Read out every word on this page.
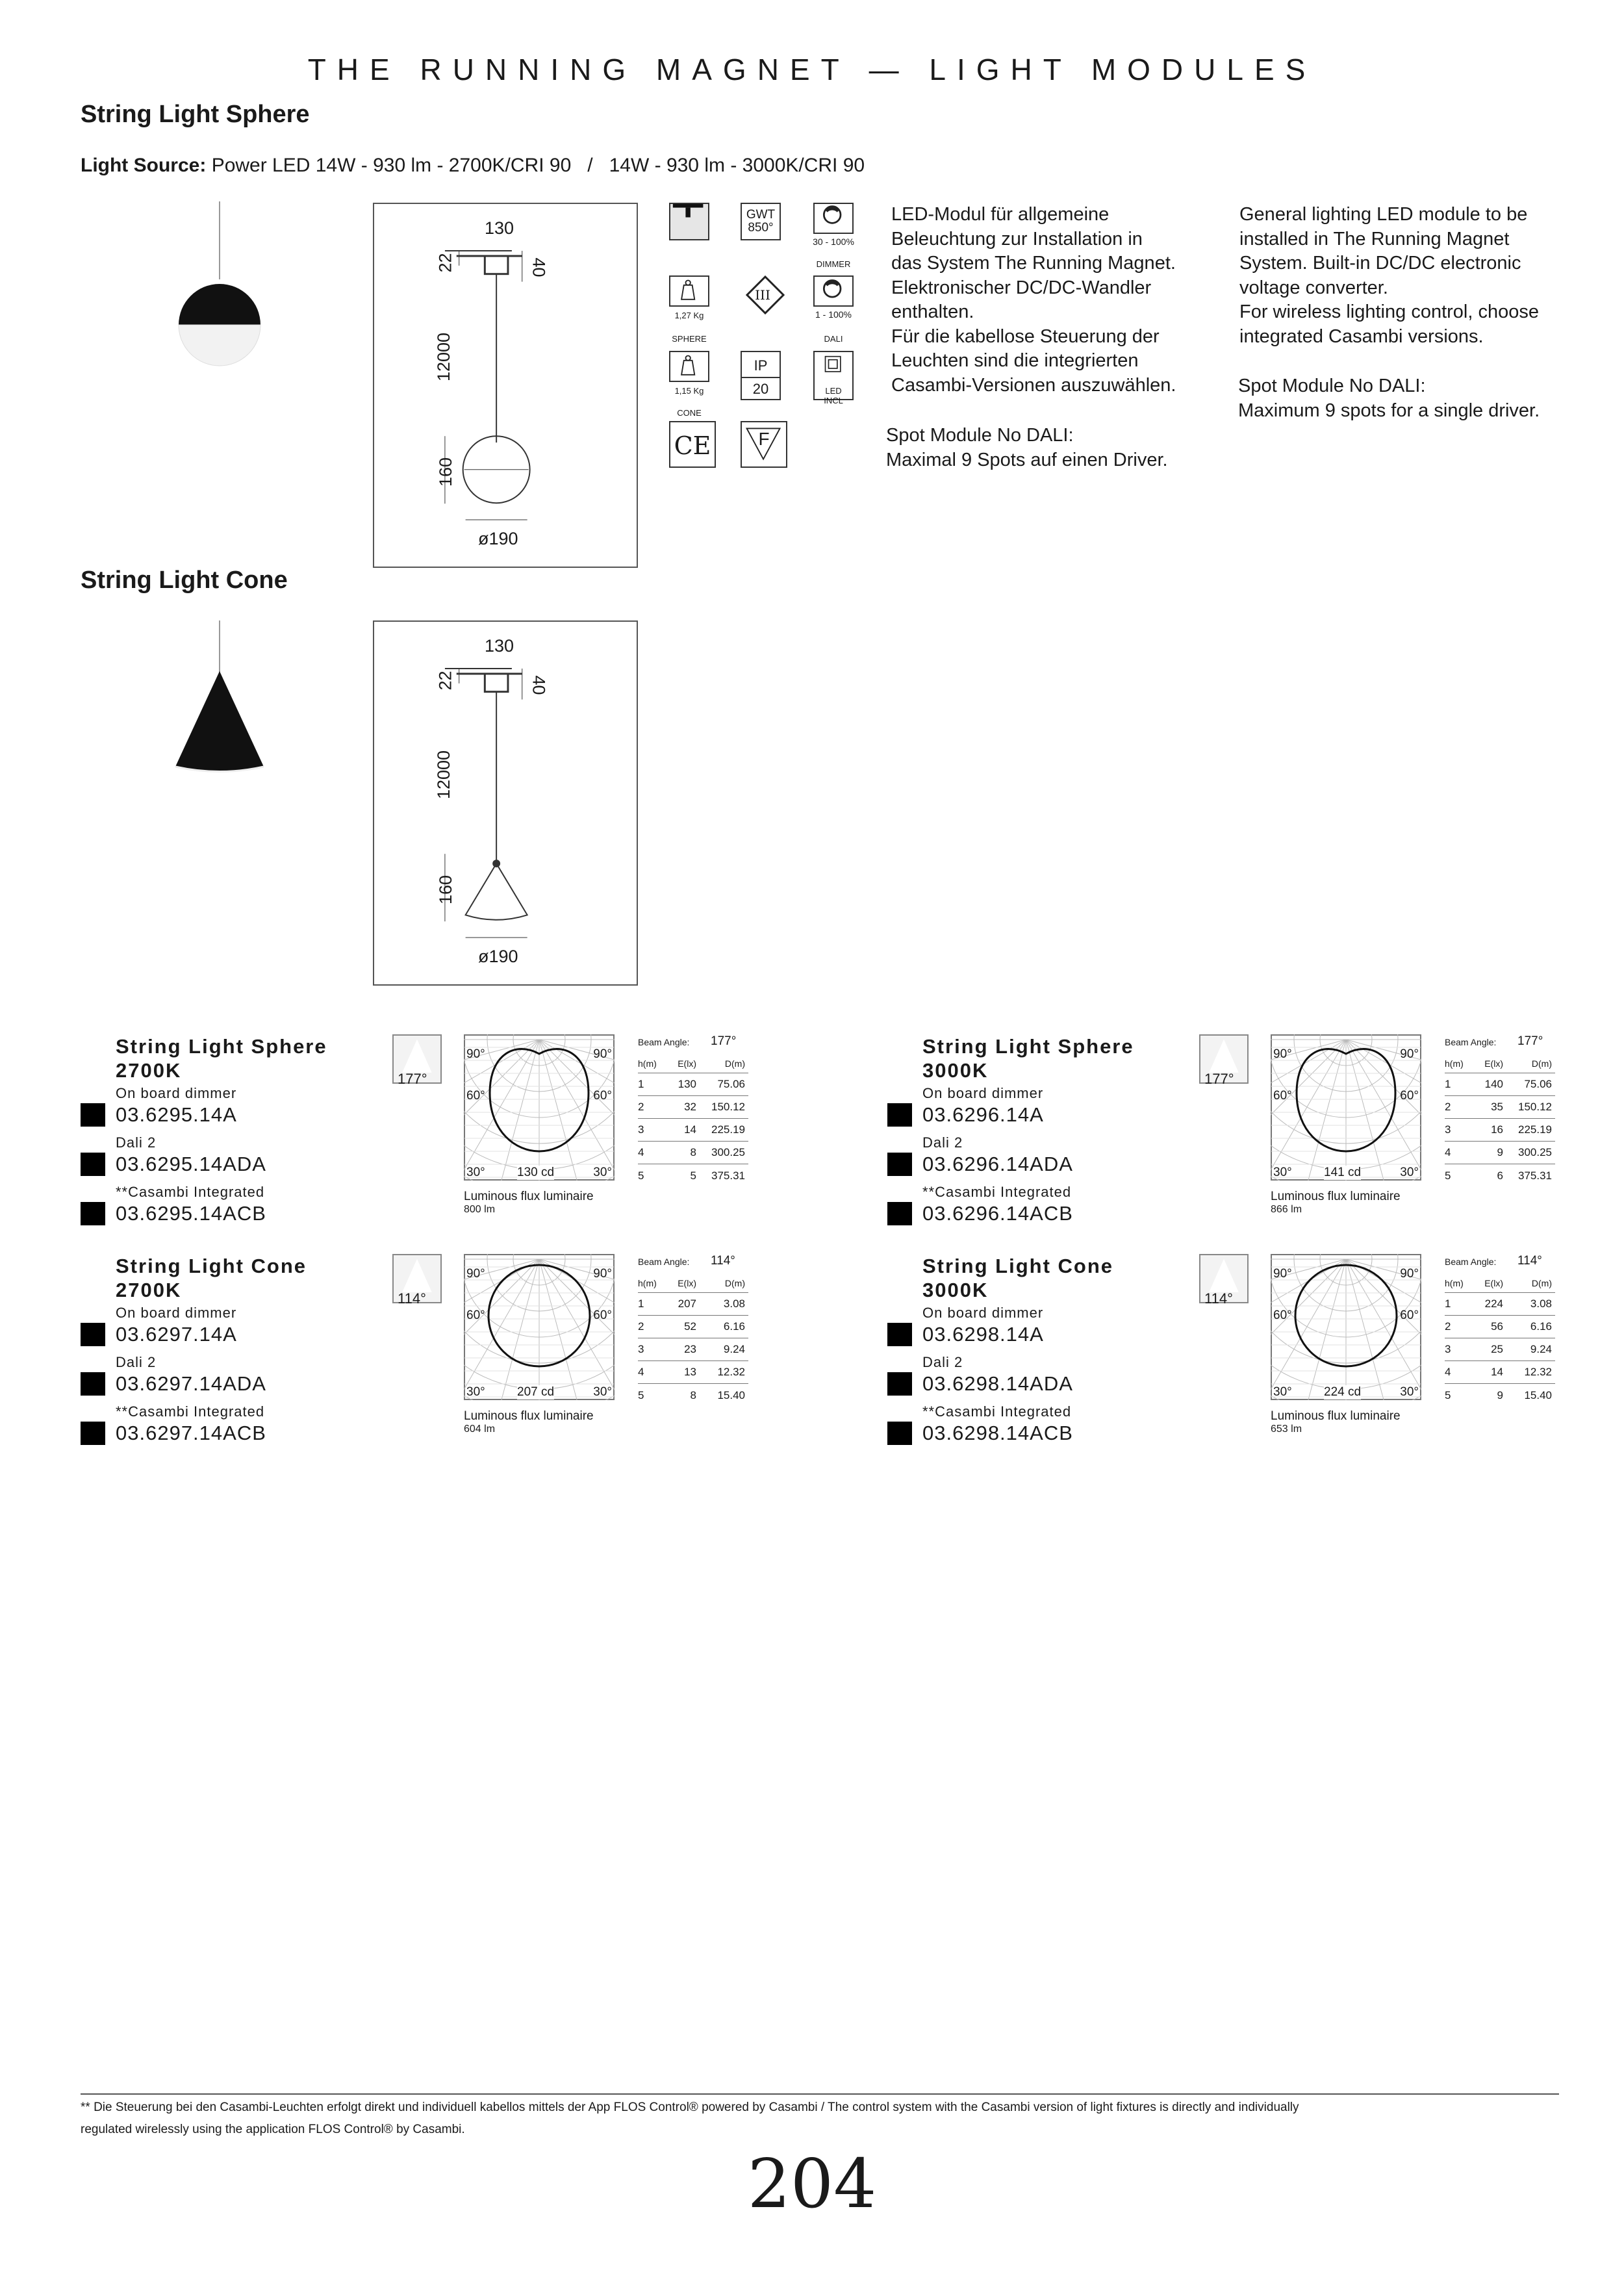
THE RUNNING MAGNET — LIGHT MODULES
String Light Sphere
Light Source: Power LED 14W - 930 lm - 2700K/CRI 90   /   14W - 930 lm - 3000K/CRI 90
130
22	40
12000
160
ø190
GWT
850°
30 - 100%
DIMMER
1,27 Kg
SPHERE
III
1 - 100%
DALI
1,15 Kg
CONE
IP
20	LED INCL
CE	F
LED-Modul für allgemeine
Beleuchtung zur Installation in
das System The Running Magnet.
Elektronischer DC/DC-Wandler
enthalten.
Für die kabellose Steuerung der
Leuchten sind die integrierten
Casambi-Versionen auszuwählen.
Spot Module No DALI:
Maximal 9 Spots auf einen Driver.
General lighting LED module to be
installed in The Running Magnet
System. Built-in DC/DC electronic
voltage converter.
For wireless lighting control, choose
integrated Casambi versions.
Spot Module No DALI:
Maximum 9 spots for a single driver.
String Light Cone
130
22	40
12000
160
ø190
String Light Sphere
2700K
On board dimmer
03.6295.14A
Dali 2
03.6295.14ADA
**Casambi Integrated
03.6295.14ACB
177°
90°	90°
60°	60°
30°	30°
130 cd
Luminous flux luminaire
800 lm
Beam Angle: 177°
h(m)	E(lx)	D(m)
1	130	75.06
2	32	150.12
3	14	225.19
4	8	300.25
5	5	375.31
String Light Sphere
3000K
On board dimmer
03.6296.14A
Dali 2
03.6296.14ADA
**Casambi Integrated
03.6296.14ACB
177°
90°	90°
60°	60°
30°	30°
141 cd
Luminous flux luminaire
866 lm
Beam Angle: 177°
h(m)	E(lx)	D(m)
1	140	75.06
2	35	150.12
3	16	225.19
4	9	300.25
5	6	375.31
String Light Cone
2700K
On board dimmer
03.6297.14A
Dali 2
03.6297.14ADA
**Casambi Integrated
03.6297.14ACB
114°
90°	90°
60°	60°
30°	30°
207 cd
Luminous flux luminaire
604 lm
Beam Angle: 114°
h(m)	E(lx)	D(m)
1	207	3.08
2	52	6.16
3	23	9.24
4	13	12.32
5	8	15.40
String Light Cone
3000K
On board dimmer
03.6298.14A
Dali 2
03.6298.14ADA
**Casambi Integrated
03.6298.14ACB
114°
90°	90°
60°	60°
30°	30°
224 cd
Luminous flux luminaire
653 lm
Beam Angle: 114°
h(m)	E(lx)	D(m)
1	224	3.08
2	56	6.16
3	25	9.24
4	14	12.32
5	9	15.40
** Die Steuerung bei den Casambi-Leuchten erfolgt direkt und individuell kabellos mittels der App FLOS Control® powered by Casambi / The control system with the Casambi version of light fixtures is directly and individually
regulated wirelessly using the application FLOS Control® by Casambi.
204
